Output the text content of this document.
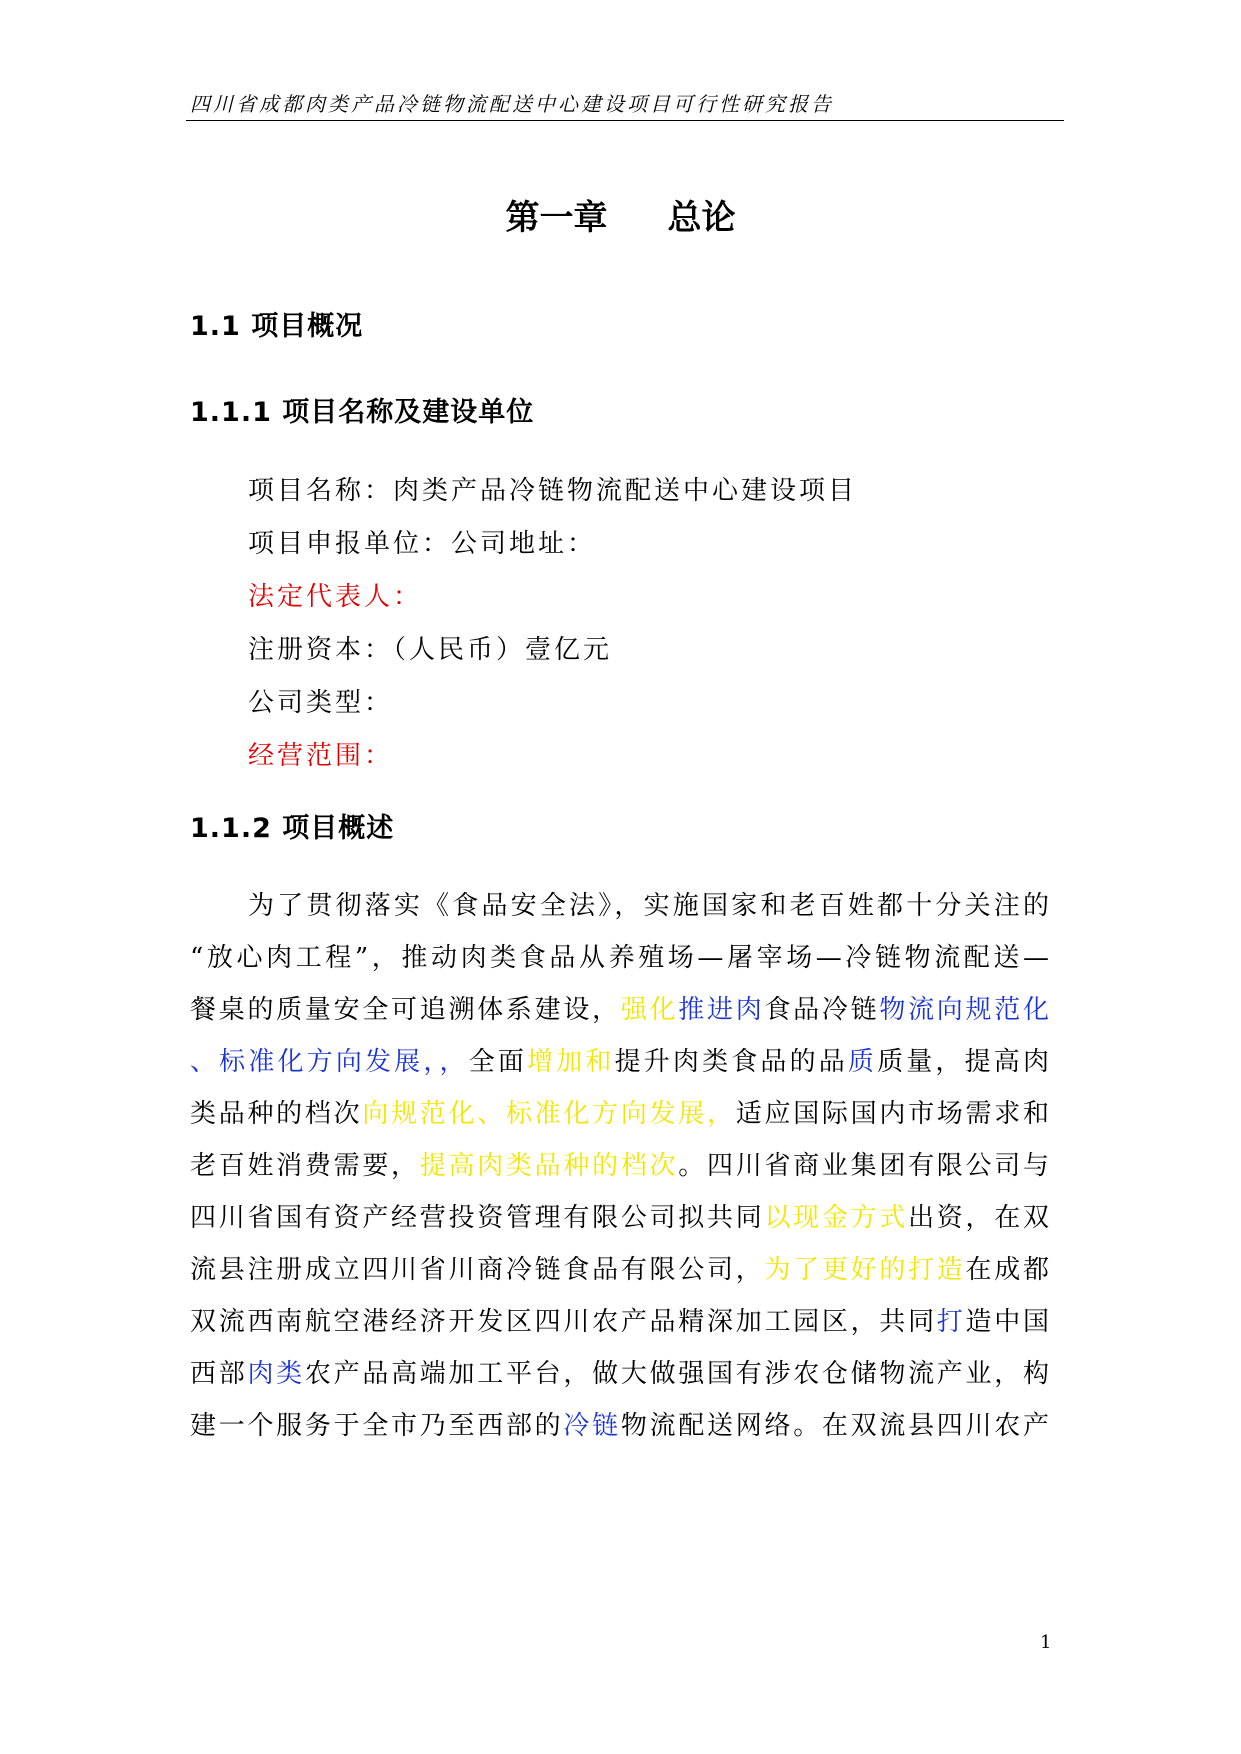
四川省成都肉类产品冷链物流配送中心建设项目可行性研究报告
第一章 总论
1.1 项目概况
1.1.1 项目名称及建设单位
项目名称：肉类产品冷链物流配送中心建设项目
项目申报单位：公司地址：
法定代表人：
注册资本：（人民币）壹亿元
公司类型：
经营范围：
1.1.2 项目概述
为了贯彻落实《食品安全法》，实施国家和老百姓都十分关注的
“放心肉工程”，推动肉类食品从养殖场—屠宰场—冷链物流配送—
餐桌的质量安全可追溯体系建设，强化推进肉食品冷链物流向规范化
、标准化方向发展，，全面增加和提升肉类食品的品质质量，提高肉
类品种的档次向规范化、标准化方向发展，适应国际国内市场需求和
老百姓消费需要，提高肉类品种的档次。四川省商业集团有限公司与
四川省国有资产经营投资管理有限公司拟共同以现金方式出资，在双
流县注册成立四川省川商冷链食品有限公司，为了更好的打造在成都
双流西南航空港经济开发区四川农产品精深加工园区，共同打造中国
西部肉类农产品高端加工平台，做大做强国有涉农仓储物流产业，构
建一个服务于全市乃至西部的冷链物流配送网络。在双流县四川农产
1
